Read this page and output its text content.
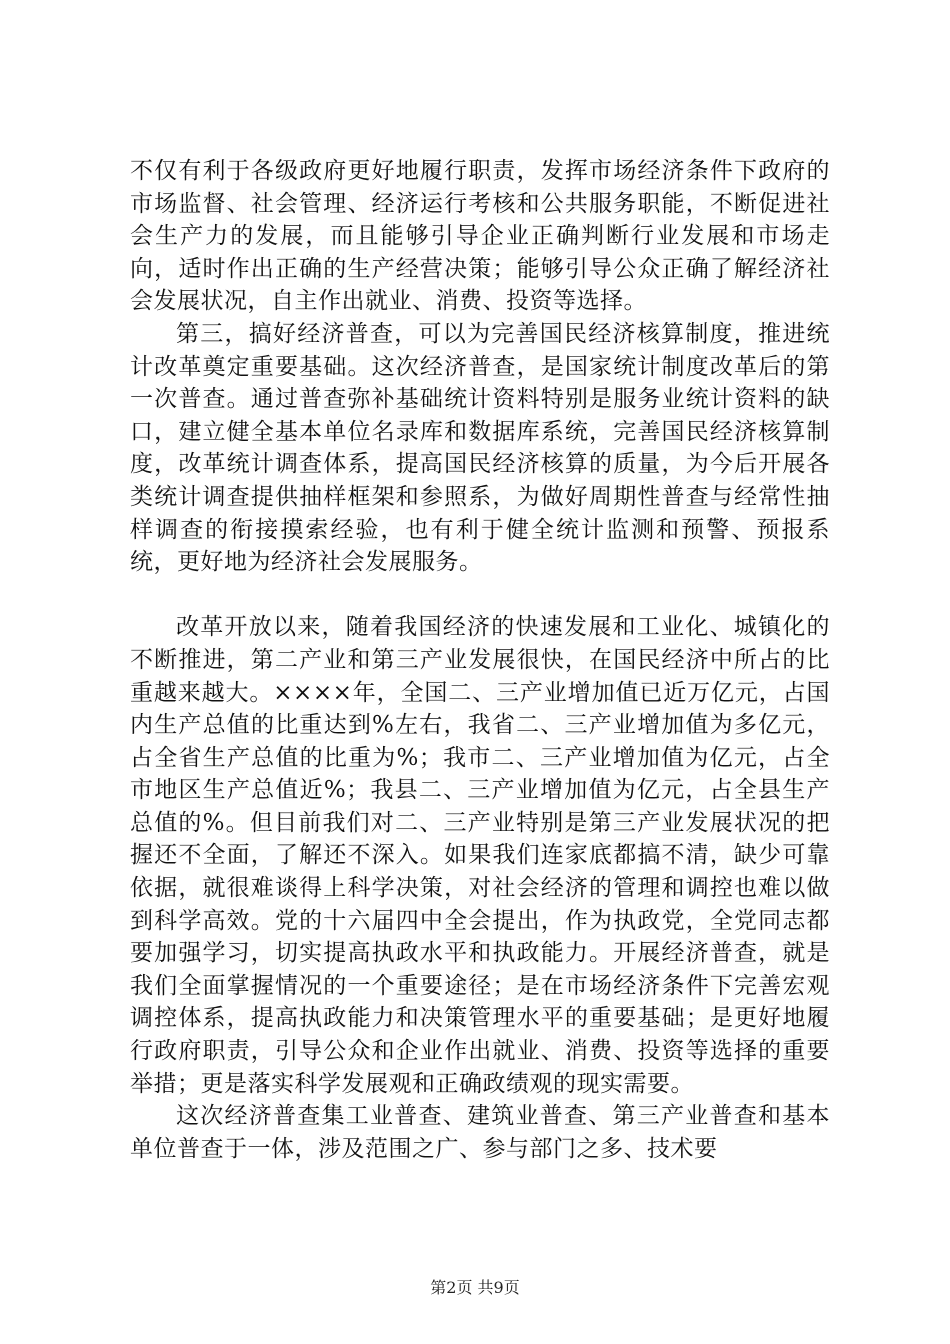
不仅有利于各级政府更好地履行职责，发挥市场经济条件下政府的市场监督、社会管理、经济运行考核和公共服务职能，不断促进社会生产力的发展，而且能够引导企业正确判断行业发展和市场走向，适时作出正确的生产经营决策；能够引导公众正确了解经济社会发展状况，自主作出就业、消费、投资等选择。

第三，搞好经济普查，可以为完善国民经济核算制度，推进统计改革奠定重要基础。这次经济普查，是国家统计制度改革后的第一次普查。通过普查弥补基础统计资料特别是服务业统计资料的缺口，建立健全基本单位名录库和数据库系统，完善国民经济核算制度，改革统计调查体系，提高国民经济核算的质量，为今后开展各类统计调查提供抽样框架和参照系，为做好周期性普查与经常性抽样调查的衔接摸索经验，也有利于健全统计监测和预警、预报系统，更好地为经济社会发展服务。

改革开放以来，随着我国经济的快速发展和工业化、城镇化的不断推进，第二产业和第三产业发展很快，在国民经济中所占的比重越来越大。××××年，全国二、三产业增加值已近万亿元，占国内生产总值的比重达到%左右，我省二、三产业增加值为多亿元，占全省生产总值的比重为%；我市二、三产业增加值为亿元，占全市地区生产总值近%；我县二、三产业增加值为亿元，占全县生产总值的%。但目前我们对二、三产业特别是第三产业发展状况的把握还不全面，了解还不深入。如果我们连家底都搞不清，缺少可靠依据，就很难谈得上科学决策，对社会经济的管理和调控也难以做到科学高效。党的十六届四中全会提出，作为执政党，全党同志都要加强学习，切实提高执政水平和执政能力。开展经济普查，就是我们全面掌握情况的一个重要途径；是在市场经济条件下完善宏观调控体系，提高执政能力和决策管理水平的重要基础；是更好地履行政府职责，引导公众和企业作出就业、消费、投资等选择的重要举措；更是落实科学发展观和正确政绩观的现实需要。

这次经济普查集工业普查、建筑业普查、第三产业普查和基本单位普查于一体，涉及范围之广、参与部门之多、技术要

第2页 共9页
